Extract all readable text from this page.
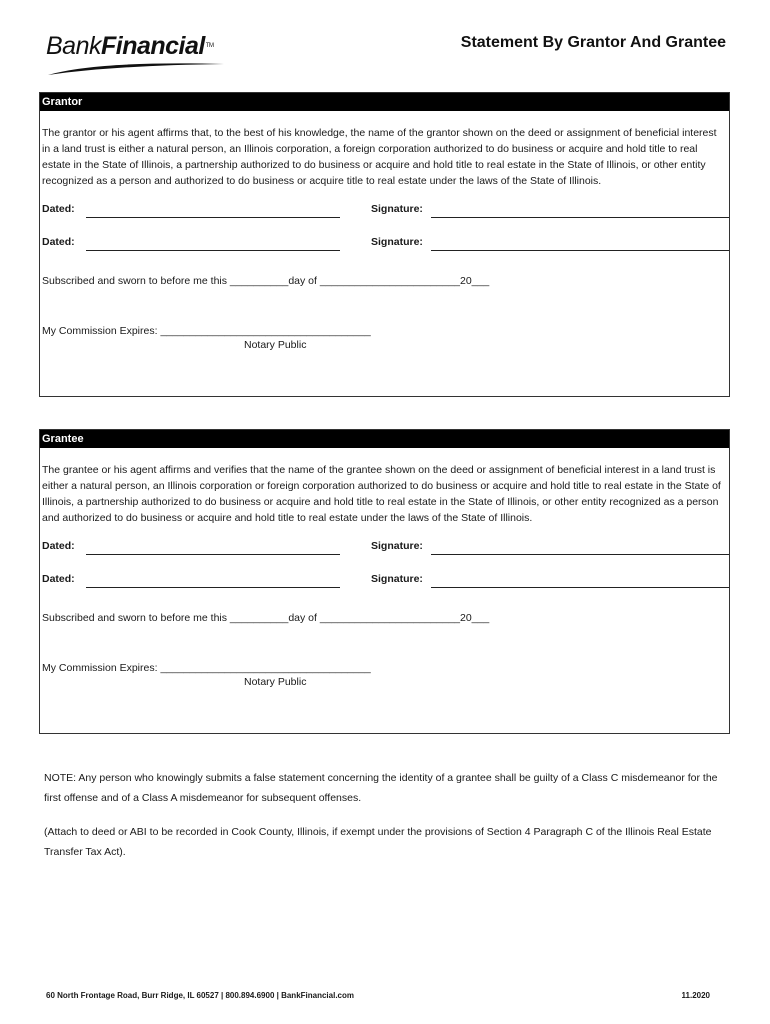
BankFinancial™	Statement By Grantor And Grantee
Grantor
The grantor or his agent affirms that, to the best of his knowledge, the name of the grantor shown on the deed or assignment of beneficial interest in a land trust is either a natural person, an Illinois corporation, a foreign corporation authorized to do business or acquire and hold title to real estate in the State of Illinois, a partnership authorized to do business or acquire and hold title to real estate in the State of Illinois, or other entity recognized as a person and authorized to do business or acquire title to real estate under the laws of the State of Illinois.
Dated:	Signature:
Dated:	Signature:
Subscribed and sworn to before me this __________day of ________________________20___
My Commission Expires: ____________________________________
Notary Public
Grantee
The grantee or his agent affirms and verifies that the name of the grantee shown on the deed or assignment of beneficial interest in a land trust is either a natural person, an Illinois corporation or foreign corporation authorized to do business or acquire and hold title to real estate in the State of Illinois, a partnership authorized to do business or acquire and hold title to real estate in the State of Illinois, or other entity recognized as a person and authorized to do business or acquire and hold title to real estate under the laws of the State of Illinois.
Dated:	Signature:
Dated:	Signature:
Subscribed and sworn to before me this __________day of ________________________20___
My Commission Expires: ____________________________________
Notary Public
NOTE: Any person who knowingly submits a false statement concerning the identity of a grantee shall be guilty of a Class C misdemeanor for the first offense and of a Class A misdemeanor for subsequent offenses.
(Attach to deed or ABI to be recorded in Cook County, Illinois, if exempt under the provisions of Section 4 Paragraph C of the Illinois Real Estate Transfer Tax Act).
60 North Frontage Road, Burr Ridge, IL 60527 | 800.894.6900 | BankFinancial.com	11.2020
